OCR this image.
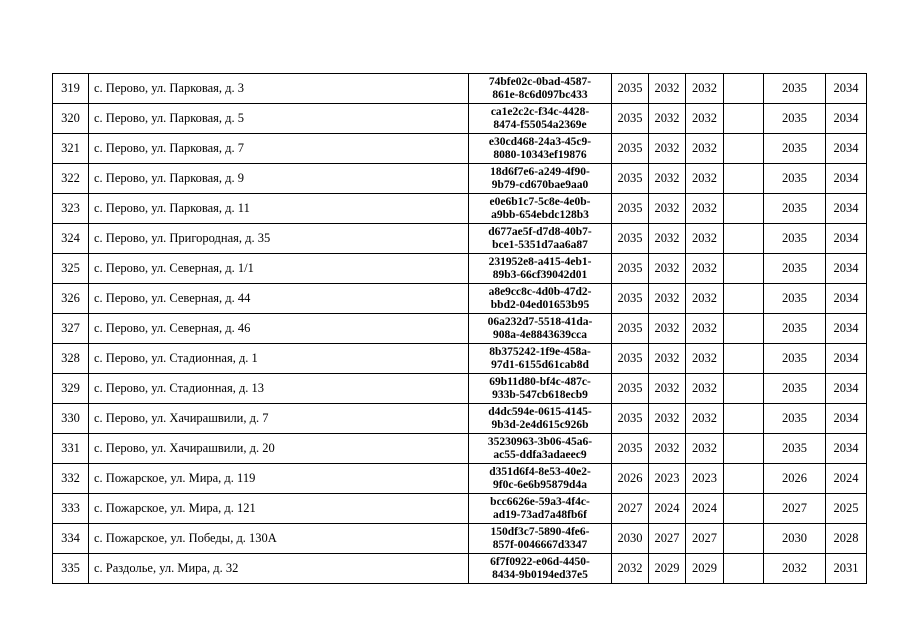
319	с. Перово, ул. Парковая, д. 3	74bfe02c-0bad-4587-
861e-8c6d097bc433	2035	2032	2032		2035	2034
320	с. Перово, ул. Парковая, д. 5	ca1e2c2c-f34c-4428-
8474-f55054a2369e	2035	2032	2032		2035	2034
321	с. Перово, ул. Парковая, д. 7	e30cd468-24a3-45c9-
8080-10343ef19876	2035	2032	2032		2035	2034
322	с. Перово, ул. Парковая, д. 9	18d6f7e6-a249-4f90-
9b79-cd670bae9aa0	2035	2032	2032		2035	2034
323	с. Перово, ул. Парковая, д. 11	e0e6b1c7-5c8e-4e0b-
a9bb-654ebdc128b3	2035	2032	2032		2035	2034
324	с. Перово, ул. Пригородная, д. 35	d677ae5f-d7d8-40b7-
bce1-5351d7aa6a87	2035	2032	2032		2035	2034
325	с. Перово, ул. Северная, д. 1/1	231952e8-a415-4eb1-
89b3-66cf39042d01	2035	2032	2032		2035	2034
326	с. Перово, ул. Северная, д. 44	a8e9cc8c-4d0b-47d2-
bbd2-04ed01653b95	2035	2032	2032		2035	2034
327	с. Перово, ул. Северная, д. 46	06a232d7-5518-41da-
908a-4e8843639cca	2035	2032	2032		2035	2034
328	с. Перово, ул. Стадионная, д. 1	8b375242-1f9e-458a-
97d1-6155d61cab8d	2035	2032	2032		2035	2034
329	с. Перово, ул. Стадионная, д. 13	69b11d80-bf4c-487c-
933b-547cb618ecb9	2035	2032	2032		2035	2034
330	с. Перово, ул. Хачирашвили, д. 7	d4dc594e-0615-4145-
9b3d-2e4d615c926b	2035	2032	2032		2035	2034
331	с. Перово, ул. Хачирашвили, д. 20	35230963-3b06-45a6-
ac55-ddfa3adaeec9	2035	2032	2032		2035	2034
332	с. Пожарское, ул. Мира, д. 119	d351d6f4-8e53-40e2-
9f0c-6e6b95879d4a	2026	2023	2023		2026	2024
333	с. Пожарское, ул. Мира, д. 121	bcc6626e-59a3-4f4c-
ad19-73ad7a48fb6f	2027	2024	2024		2027	2025
334	с. Пожарское, ул. Победы, д. 130А	150df3c7-5890-4fe6-
857f-0046667d3347	2030	2027	2027		2030	2028
335	с. Раздолье, ул. Мира, д. 32	6f7f0922-e06d-4450-
8434-9b0194ed37e5	2032	2029	2029		2032	2031
